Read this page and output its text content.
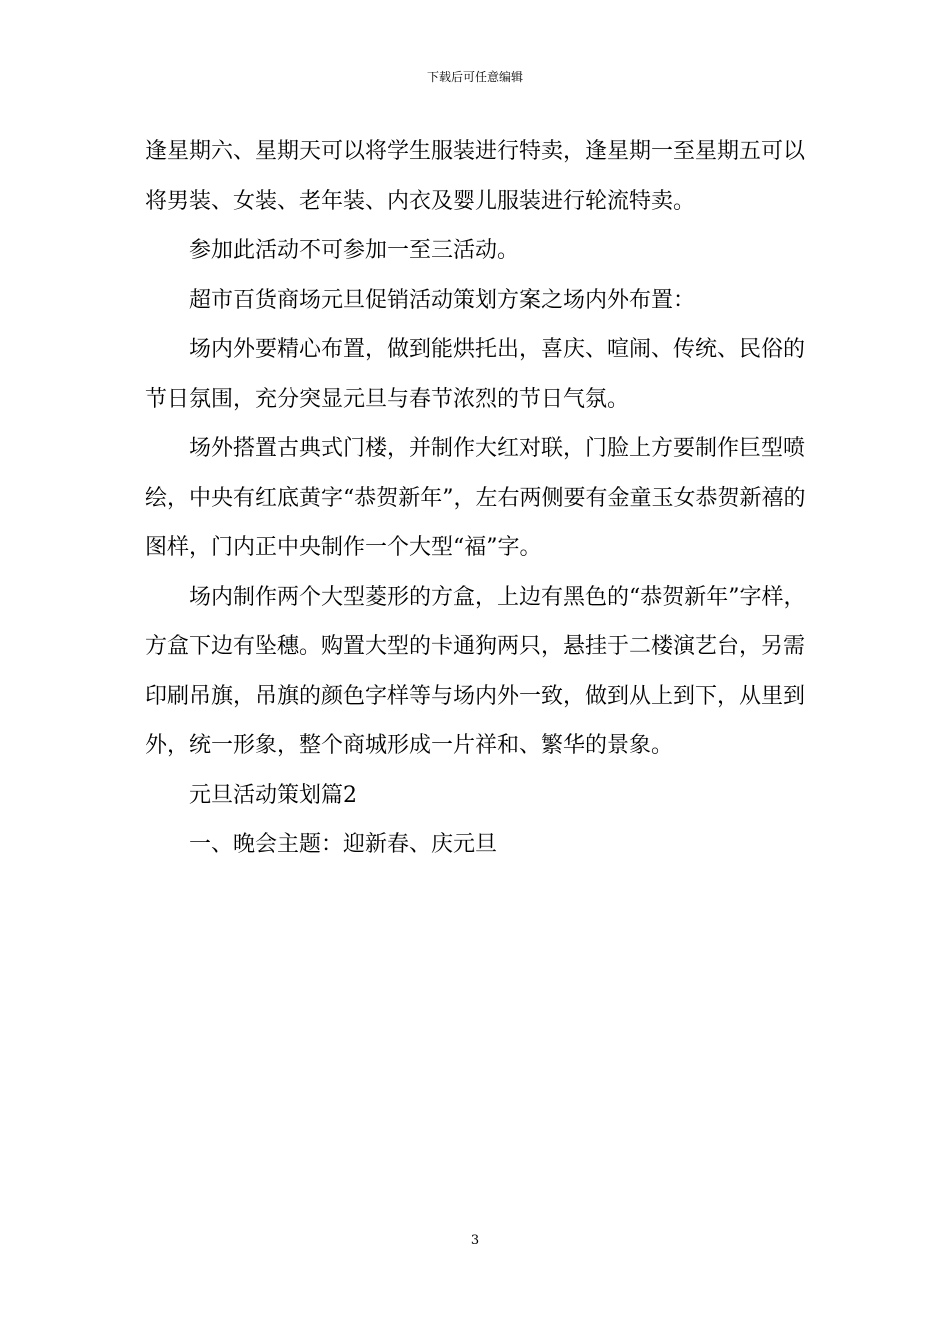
下载后可任意编辑

逢星期六、星期天可以将学生服装进行特卖，逢星期一至星期五可以将男装、女装、老年装、内衣及婴儿服装进行轮流特卖。

参加此活动不可参加一至三活动。

超市百货商场元旦促销活动策划方案之场内外布置：

场内外要精心布置，做到能烘托出，喜庆、喧闹、传统、民俗的节日氛围，充分突显元旦与春节浓烈的节日气氛。

场外搭置古典式门楼，并制作大红对联，门脸上方要制作巨型喷绘，中央有红底黄字“恭贺新年”，左右两侧要有金童玉女恭贺新禧的图样，门内正中央制作一个大型“福”字。

场内制作两个大型菱形的方盒，上边有黑色的“恭贺新年”字样，方盒下边有坠穗。购置大型的卡通狗两只，悬挂于二楼演艺台，另需印刷吊旗，吊旗的颜色字样等与场内外一致，做到从上到下，从里到外，统一形象，整个商城形成一片祥和、繁华的景象。

元旦活动策划篇2

一、晚会主题：迎新春、庆元旦

3
